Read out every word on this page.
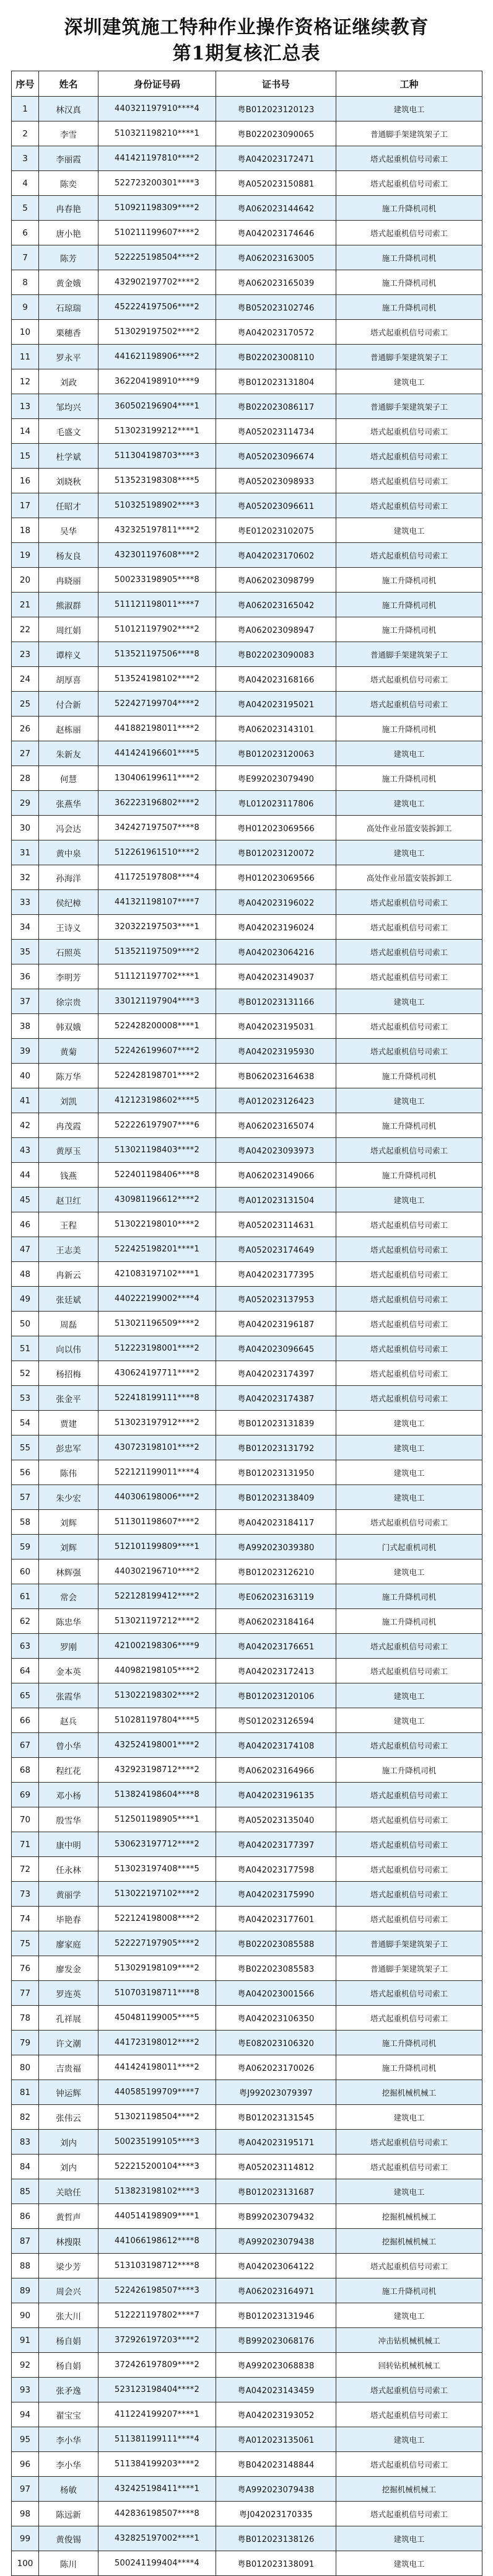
深圳建筑施工特种作业操作资格证继续教育
第1期复核汇总表
序号	姓名	身份证号码	证书号	工种
1	林汉真	440321197910****4	粤B012023120123	建筑电工
2	李雪	510321198210****1	粤B022023090065	普通脚手架建筑架子工
3	李丽霞	441421197810****2	粤A042023172471	塔式起重机信号司索工
4	陈奕	522723200301****3	粤A052023150881	塔式起重机信号司索工
5	冉春艳	510921198309****2	粤A062023144642	施工升降机司机
6	唐小艳	510211199607****2	粤A042023174646	塔式起重机信号司索工
7	陈芳	522225198504****2	粤A062023163005	施工升降机司机
8	黄金娥	432902197702****2	粤A062023165039	施工升降机司机
9	石琼瑞	452224197506****2	粤B052023102746	施工升降机司机
10	栗穗香	513029197502****2	粤A042023170572	塔式起重机信号司索工
11	罗永平	441621198906****2	粤B022023008110	普通脚手架建筑架子工
12	刘政	362204198910****9	粤B012023131804	建筑电工
13	邹均兴	360502196904****1	粤B022023086117	普通脚手架建筑架子工
14	毛盛文	513023199212****1	粤A052023114734	塔式起重机信号司索工
15	杜学斌	511304198703****3	粤A052023096674	塔式起重机信号司索工
16	刘晓秋	513523198308****5	粤A052023098933	塔式起重机信号司索工
17	任昭才	510325198902****3	粤A052023096611	塔式起重机信号司索工
18	吴华	432325197811****2	粤E012023102075	建筑电工
19	杨友良	432301197608****2	粤A042023170602	塔式起重机信号司索工
20	冉晓丽	500233198905****8	粤A062023098799	施工升降机司机
21	熊淑群	511121198011****7	粤A062023165042	施工升降机司机
22	周红娟	510121197902****2	粤A062023098947	施工升降机司机
23	谭梓义	513521197506****8	粤B022023090083	普通脚手架建筑架子工
24	胡厚喜	513524198102****2	粤A042023168166	塔式起重机信号司索工
25	付合新	522427199704****2	粤A042023195021	塔式起重机信号司索工
26	赵栋丽	441882198011****2	粤A062023143101	施工升降机司机
27	朱新友	441424196601****5	粤B012023120063	建筑电工
28	何慧	130406199611****2	粤E992023079490	施工升降机司机
29	张燕华	362223196802****2	粤L012023117806	建筑电工
30	冯会达	342427197507****8	粤H012023069566	高处作业吊篮安装拆卸工
31	黄中泉	512261961510****2	粤B012023120072	建筑电工
32	孙海洋	411725197808****4	粤H012023069566	高处作业吊篮安装拆卸工
33	侯纪樟	441321198107****7	粤A042023196022	塔式起重机信号司索工
34	王诗义	320322197503****1	粤A042023196024	塔式起重机信号司索工
35	石照英	513521197509****2	粤A042023064216	塔式起重机信号司索工
36	李明芳	511121197702****1	粤A042023149037	塔式起重机信号司索工
37	徐宗贵	330121197904****3	粤B012023131166	建筑电工
38	韩双娥	522428200008****1	粤A042023195031	塔式起重机信号司索工
39	黄菊	522426199607****2	粤A042023195930	塔式起重机信号司索工
40	陈万华	522428198701****2	粤B062023164638	施工升降机司机
41	刘凯	412123198602****5	粤A012023126423	建筑电工
42	冉茂霞	522226197907****6	粤A062023165074	施工升降机司机
43	黄厚玉	513021198403****2	粤A042023093973	塔式起重机信号司索工
44	钱燕	522401198406****8	粤A062023149066	施工升降机司机
45	赵卫红	430981196612****2	粤A012023131504	建筑电工
46	王程	513022198010****2	粤A052023114631	塔式起重机信号司索工
47	王志美	522425198201****1	粤A052023174649	塔式起重机信号司索工
48	冉新云	421083197102****1	粤A042023177395	塔式起重机信号司索工
49	张廷斌	440222199002****4	粤A052023137953	塔式起重机信号司索工
50	周磊	513021196509****2	粤A042023196187	塔式起重机信号司索工
51	向以伟	512223198001****2	粤A042023096645	塔式起重机信号司索工
52	杨招梅	430624197711****2	粤A042023174397	塔式起重机信号司索工
53	张金平	522418199111****8	粤A042023174387	塔式起重机信号司索工
54	贾建	513023197912****2	粤B012023131839	建筑电工
55	彭忠军	430723198101****2	粤B012023131792	建筑电工
56	陈伟	522121199011****4	粤B012023131950	建筑电工
57	朱少宏	440306198006****2	粤B012023138409	建筑电工
58	刘辉	511301198607****2	粤A042023184117	塔式起重机信号司索工
59	刘辉	512101199809****1	粤A992023039380	门式起重机司机
60	林辉强	440302196710****2	粤B012023126210	建筑电工
61	常会	522128199412****2	粤E062023163119	施工升降机司机
62	陈忠华	513021197212****2	粤A062023184164	施工升降机司机
63	罗刚	421002198306****9	粤A042023176651	塔式起重机信号司索工
64	金本英	440982198105****2	粤A042023172413	塔式起重机信号司索工
65	张霞华	513022198302****2	粤B012023120106	建筑电工
66	赵兵	510281197804****5	粤S012023126594	建筑电工
67	曾小华	432524198001****2	粤A042023174108	塔式起重机信号司索工
68	程红花	432923198712****2	粤A062023164966	施工升降机司机
69	邓小杨	513824198604****8	粤A042023196135	塔式起重机信号司索工
70	殷雪华	512501198905****1	粤A052023135040	塔式起重机信号司索工
71	康中明	530623197712****2	粤A042023177397	塔式起重机信号司索工
72	任永林	513023197408****5	粤A042023177598	塔式起重机信号司索工
73	黄丽学	513022197102****2	粤A042023175990	塔式起重机信号司索工
74	毕艳春	522124198008****2	粤A042023177601	塔式起重机信号司索工
75	廖家庭	522227197905****2	粤B022023085588	普通脚手架建筑架子工
76	廖发金	513029198109****2	粤B022023085583	普通脚手架建筑架子工
77	罗连英	510703198711****8	粤A042023001566	塔式起重机信号司索工
78	孔祥展	450481199005****5	粤A042023106350	塔式起重机信号司索工
79	许文潮	441723198012****2	粤E082023106320	施工升降机司机
80	吉贵福	441424198011****2	粤A062023170026	施工升降机司机
81	钟运辉	440585199709****7	粤J992023079397	挖掘机械机械工
82	张伟云	513021198504****2	粤B012023131545	建筑电工
83	刘内	500235199105****3	粤A042023195171	塔式起重机信号司索工
84	刘内	522215200104****3	粤A052023114812	塔式起重机信号司索工
85	关晗任	513823198102****3	粤B012023131687	建筑电工
86	黄哲声	440514198909****1	粤B992023079432	挖掘机械机械工
87	林搜限	441066198612****8	粤A992023079438	挖掘机械机械工
88	梁少芳	513103198712****8	粤A042023064122	塔式起重机信号司索工
89	周会兴	522426198507****3	粤A062023164971	施工升降机司机
90	张大川	512221197802****7	粤B012023131946	建筑电工
91	杨自娟	372926197203****2	粤B992023068176	冲击钻机械机械工
92	杨自娟	372426197809****2	粤A992023068838	回转钻机械机械工
93	张矛逸	523123198404****2	粤A042023143459	塔式起重机信号司索工
94	翟宝宝	411224199207****1	粤A042023193052	塔式起重机信号司索工
95	李小华	511381199111****4	粤A012023135061	建筑电工
96	李小华	511384199203****2	粤B042023148844	塔式起重机信号司索工
97	杨敏	432425198411****1	粤A992023079438	挖掘机械机械工
98	陈远新	442836198507****8	粤J042023170335	塔式起重机信号司索工
99	黄俊锡	432825197002****1	粤B012023138126	建筑电工
100	陈川	500241199404****4	粤B012023138091	建筑电工
